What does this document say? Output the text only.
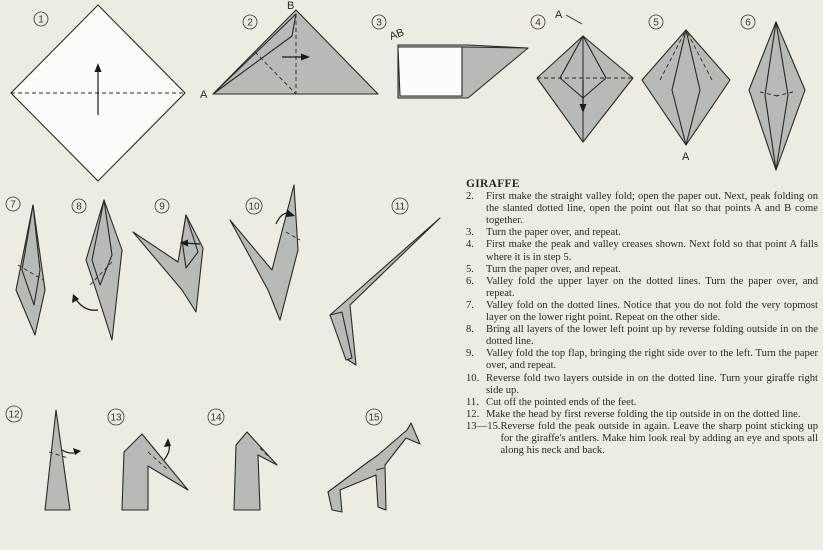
1	2	3	4	5	6
7	8	9	10	11
12	13	14	15
A
B
AB
A
A
GIRAFFE
2.	First make the straight valley fold; open the paper out. Next, peak folding on the slanted dotted line, open the point out flat so that points A and B come together.
3.	Turn the paper over, and repeat.
4.	First make the peak and valley creases shown. Next fold so that point A falls where it is in step 5.
5.	Turn the paper over, and repeat.
6.	Valley fold the upper layer on the dotted lines. Turn the paper over, and repeat.
7.	Valley fold on the dotted lines. Notice that you do not fold the very topmost layer on the lower right point. Repeat on the other side.
8.	Bring all layers of the lower left point up by reverse folding outside in on the dotted line.
9.	Valley fold the top flap, bringing the right side over to the left. Turn the paper over, and repeat.
10. Reverse fold two layers outside in on the dotted line. Turn your giraffe right side up.
11. Cut off the pointed ends of the feet.
12. Make the head by first reverse folding the tip outside in on the dotted line.
13—15. Reverse fold the peak outside in again. Leave the sharp point sticking up for the giraffe's antlers. Make him look real by adding an eye and spots all along his neck and back.
